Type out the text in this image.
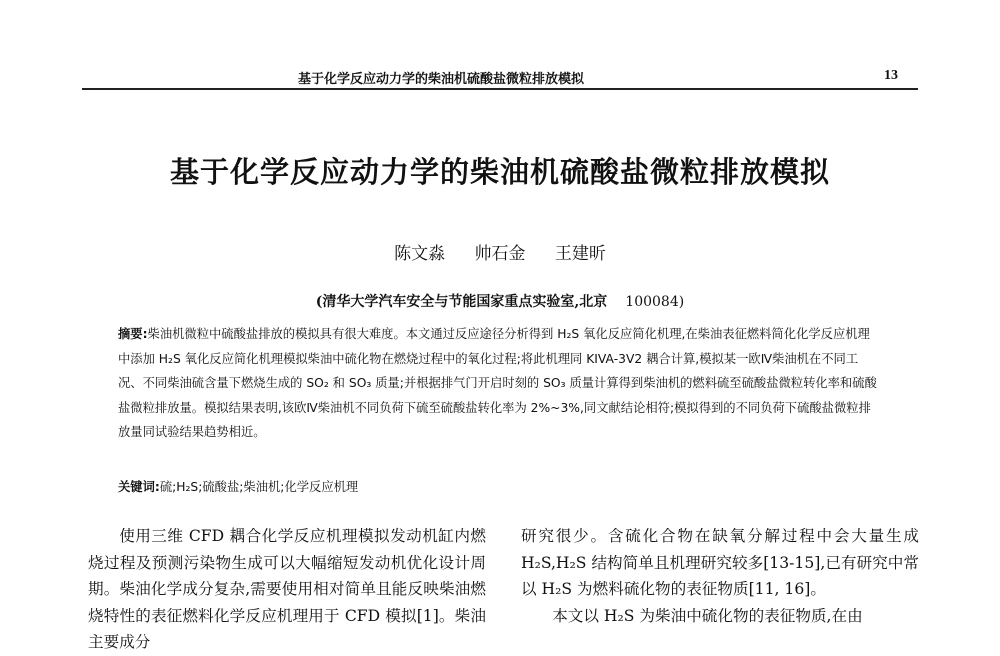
基于化学反应动力学的柴油机硫酸盐微粒排放模拟	13
基于化学反应动力学的柴油机硫酸盐微粒排放模拟
陈文淼 帅石金 王建昕
(清华大学汽车安全与节能国家重点实验室,北京 100084)

摘要:柴油机微粒中硫酸盐排放的模拟具有很大难度。本文通过反应途径分析得到 H₂S 氧化反应简化机理,在柴油表征燃料简化化学反应机理中添加 H₂S 氧化反应简化机理模拟柴油中硫化物在燃烧过程中的氧化过程;将此机理同 KIVA-3V2 耦合计算,模拟某一欧Ⅳ柴油机在不同工况、不同柴油硫含量下燃烧生成的 SO₂ 和 SO₃ 质量;并根据排气门开启时刻的 SO₃ 质量计算得到柴油机的燃料硫至硫酸盐微粒转化率和硫酸盐微粒排放量。模拟结果表明,该欧Ⅳ柴油机不同负荷下硫至硫酸盐转化率为 2%~3%,同文献结论相符;模拟得到的不同负荷下硫酸盐微粒排放量同试验结果趋势相近。

关键词:硫;H₂S;硫酸盐;柴油机;化学反应机理

使用三维 CFD 耦合化学反应机理模拟发动机缸内燃烧过程及预测污染物生成可以大幅缩短发动机优化设计周期。柴油化学成分复杂,需要使用相对简单且能反映柴油燃烧特性的表征燃料化学反应机理用于 CFD 模拟[1]。柴油主要成分

研究很少。含硫化合物在缺氧分解过程中会大量生成 H₂S,H₂S 结构简单且机理研究较多[13-15],已有研究中常以 H₂S 为燃料硫化物的表征物质[11, 16]。

本文以 H₂S 为柴油中硫化物的表征物质,在由
